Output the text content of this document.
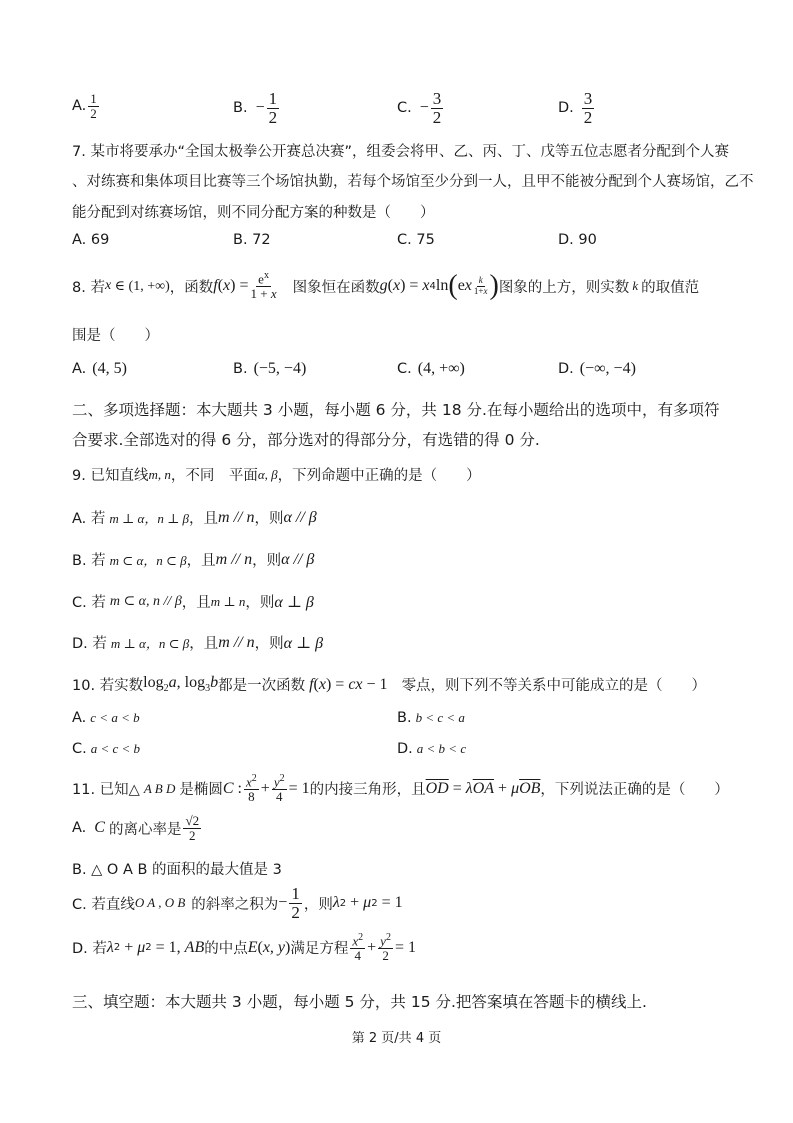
A. $\frac{1}{2}$	B. − $\frac{1}{2}$	C. − $\frac{3}{2}$	D. $\frac{3}{2}$
7. 某市将要承办“全国太极拳公开赛总决赛”，组委会将甲、乙、丙、丁、戊等五位志愿者分配到个人赛
、对练赛和集体项目比赛等三个场馆执勤，若每个场馆至少分到一人，且甲不能被分配到个人赛场馆，乙不
能分配到对练赛场馆，则不同分配方案的种数是（　　）
A. 69	B. 72	C. 75	D. 90
8. 若 x ∈ (1, +∞) ，函数 f ( x ) = $\frac{e^x}{1 + x}$ 图象恒在函数 g ( x ) = x 4 ln ( e x $\frac{k}{1+x}$ ) 图象的上方，则实数 k 的取值范
围是（　　）
A. (4, 5)	B. (−5, −4)	C. (4, +∞)	D. (−∞, −4)
二、多项选择题：本大题共 3 小题，每小题 6 分，共 18 分.在每小题给出的选项中，有多项符
合要求.全部选对的得 6 分，部分选对的得部分分，有选错的得 0 分.
9. 已知直线 m, n ，不同　平面 α, β ，下列命题中正确的是（　　）
A. 若 m ⊥ α，n ⊥ β ，且 m // n ，则 α // β
B. 若 m ⊂ α，n ⊂ β ，且 m // n ，则 α // β
C. 若 m ⊂ α, n // β ，且 m ⊥ n ，则 α ⊥ β
D. 若 m ⊥ α，n ⊂ β ，且 m // n ，则 α ⊥ β
10. 若实数 $\log_2a$, $\log_3b$ 都是一次函数 f ( x ) = cx − 1 零点，则下列不等关系中可能成立的是（　　）
A. c < a < b	B. b < c < a
C. a < c < b	D. a < b < c
11. 已知△ A B D 是椭圆 C : $\frac{x^2}{8} + \frac{y^2}{4} = 1$ 的内接三角形，且 $\overline{OD} = \lambda$ $\overline{OA} + \mu$ $\overline{OB}$ ，下列说法正确的是（　　）
A. C 的离心率是 $\frac{√2}{2}$
B. △ O A B 的面积的最大值是 3
C. 若直线 O A , O B 的斜率之积为 − $\frac{1}{2}$ ，则 λ 2 + μ 2 = 1
D. 若 λ 2 + μ 2 = 1, AB 的中点 E ( x, y ) 满足方程 $\frac{x^2}{4} + \frac{y^2}{2} = 1$
三、填空题：本大题共 3 小题，每小题 5 分，共 15 分.把答案填在答题卡的横线上.
第 2 页/共 4 页
